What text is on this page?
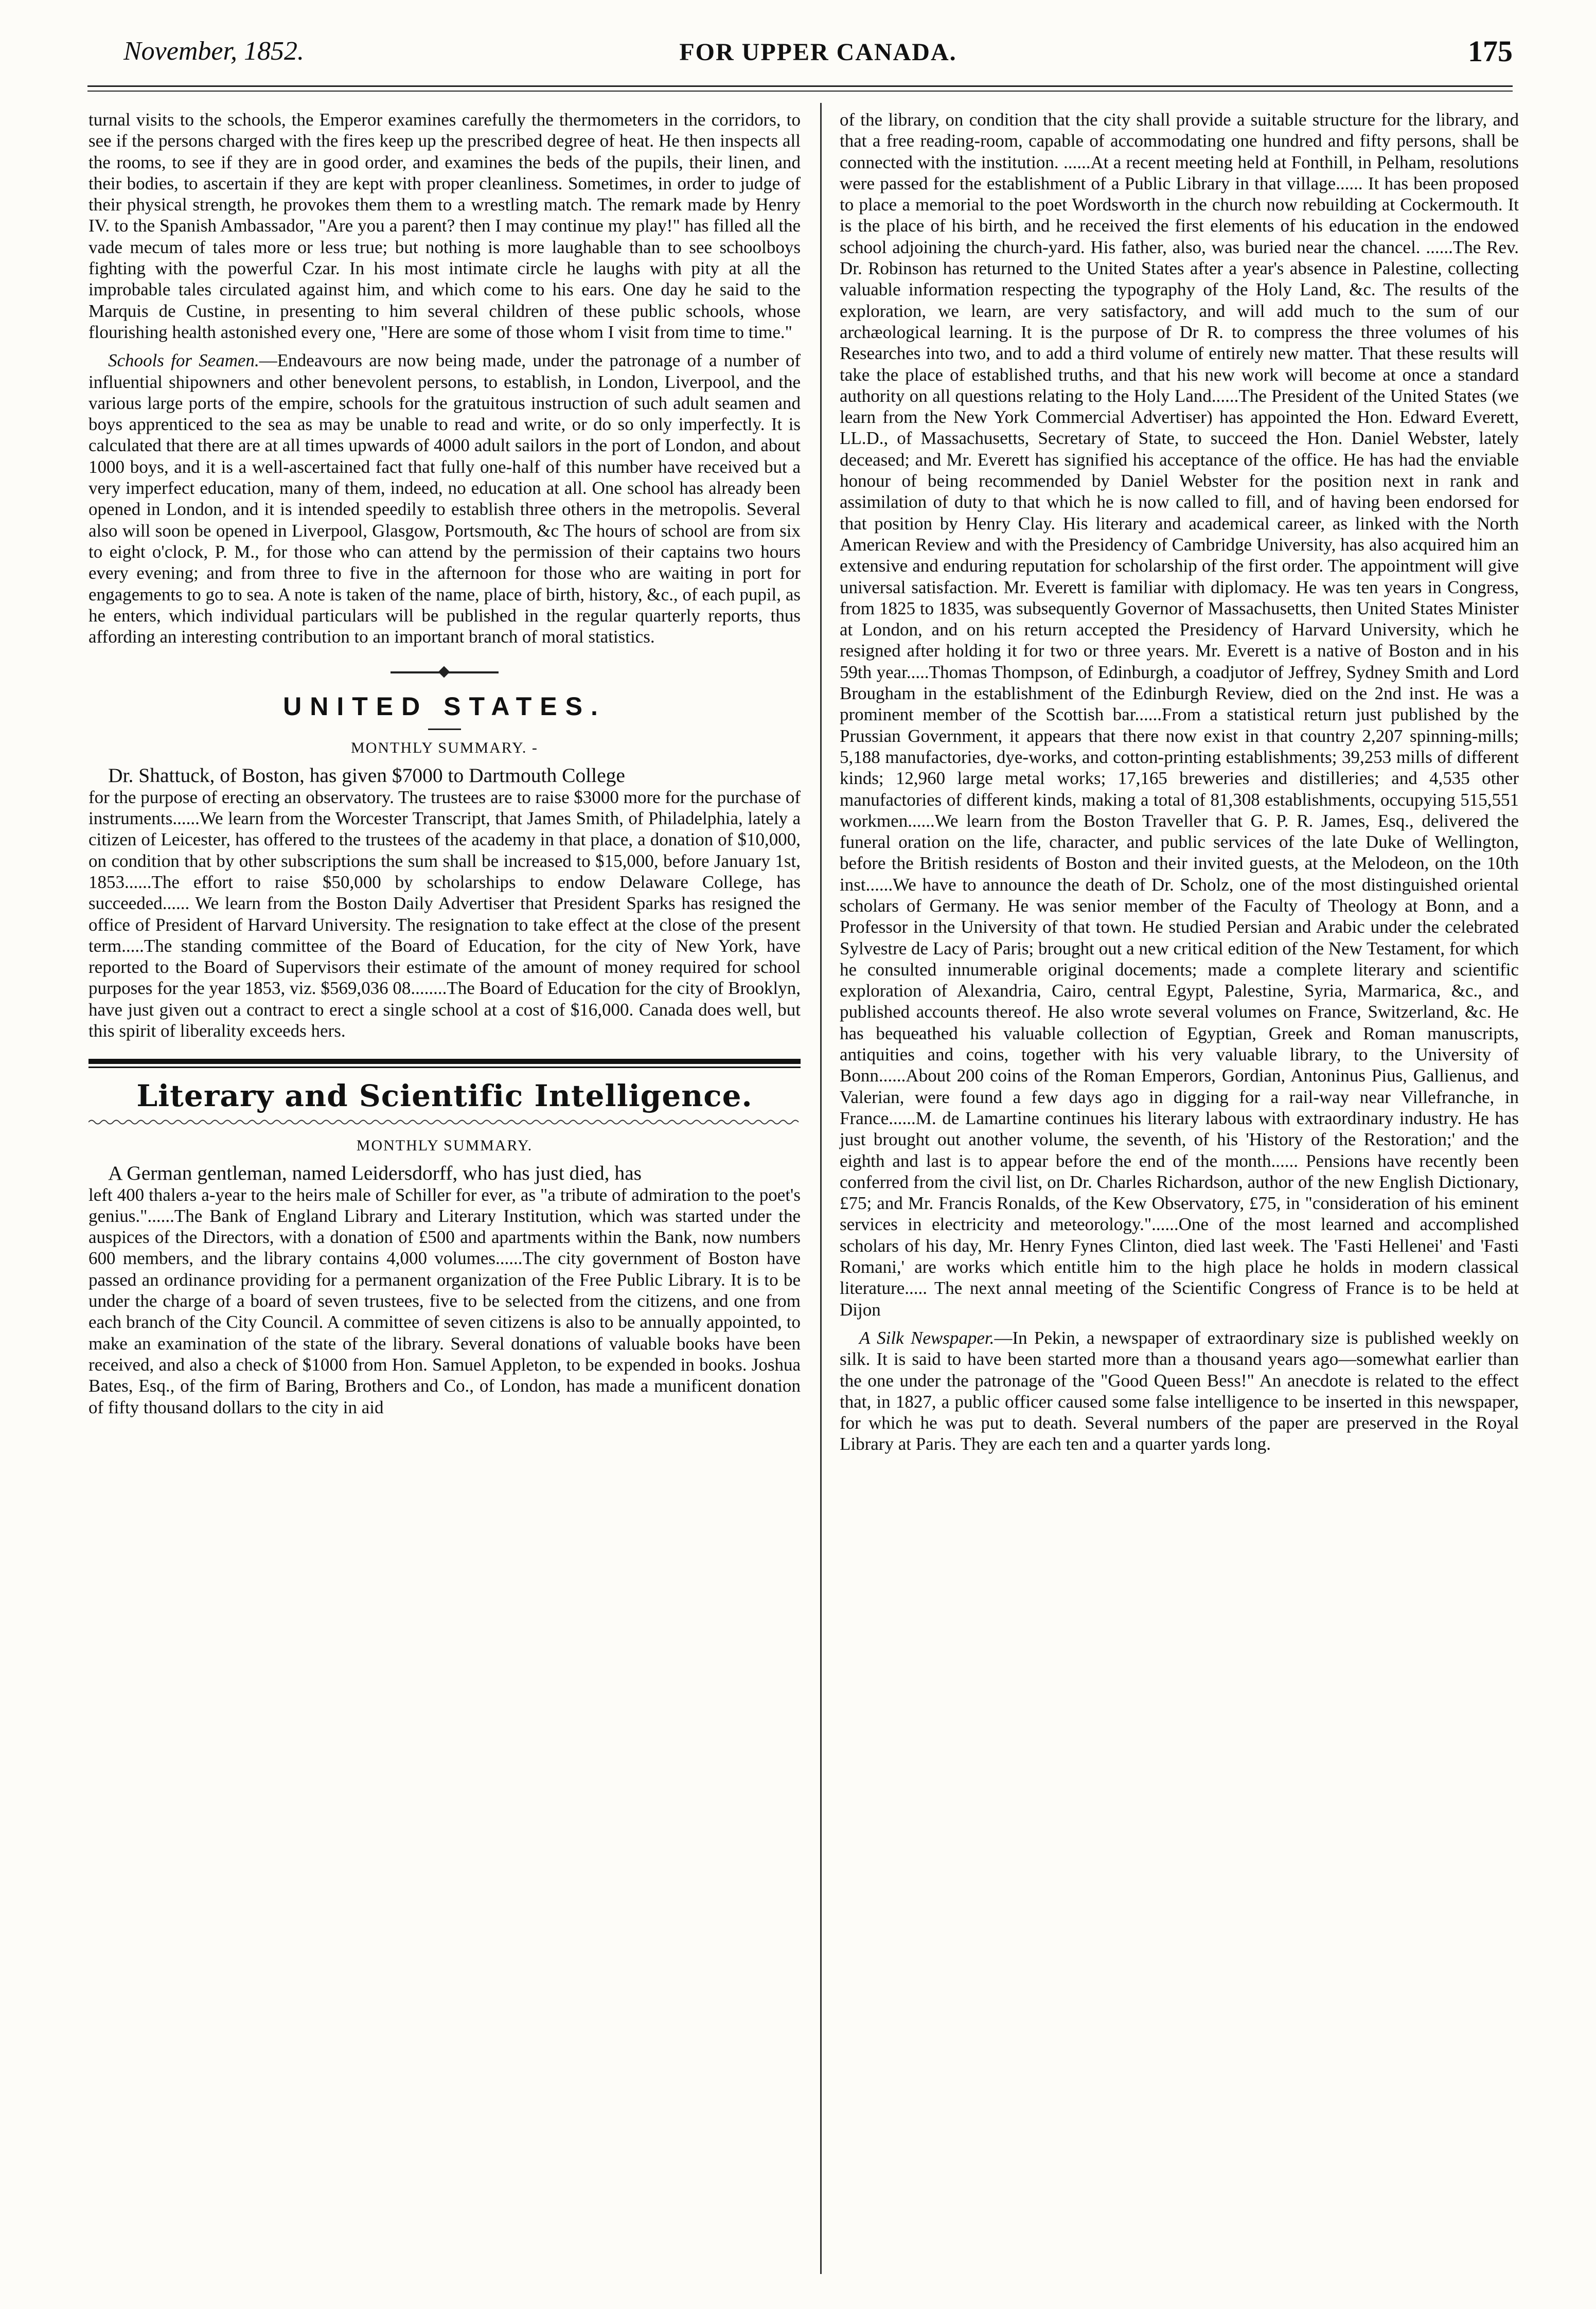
November, 1852.	FOR UPPER CANADA.	175

turnal visits to the schools, the Emperor examines carefully the thermometers in the corridors, to see if the persons charged with the fires keep up the prescribed degree of heat. He then inspects all the rooms, to see if they are in good order, and examines the beds of the pupils, their linen, and their bodies, to ascertain if they are kept with proper cleanliness. Sometimes, in order to judge of their physical strength, he provokes them them to a wrestling match. The remark made by Henry IV. to the Spanish Ambassador, "Are you a parent? then I may continue my play!" has filled all the vade mecum of tales more or less true; but nothing is more laughable than to see schoolboys fighting with the powerful Czar. In his most intimate circle he laughs with pity at all the improbable tales circulated against him, and which come to his ears. One day he said to the Marquis de Custine, in presenting to him several children of these public schools, whose flourishing health astonished every one, "Here are some of those whom I visit from time to time."

Schools for Seamen.—Endeavours are now being made, under the patronage of a number of influential shipowners and other benevolent persons, to establish, in London, Liverpool, and the various large ports of the empire, schools for the gratuitous instruction of such adult seamen and boys apprenticed to the sea as may be unable to read and write, or do so only imperfectly. It is calculated that there are at all times upwards of 4000 adult sailors in the port of London, and about 1000 boys, and it is a well-ascertained fact that fully one-half of this number have received but a very imperfect education, many of them, indeed, no education at all. One school has already been opened in London, and it is intended speedily to establish three others in the metropolis. Several also will soon be opened in Liverpool, Glasgow, Portsmouth, &c The hours of school are from six to eight o'clock, P. M., for those who can attend by the permission of their captains two hours every evening; and from three to five in the afternoon for those who are waiting in port for engagements to go to sea. A note is taken of the name, place of birth, history, &c., of each pupil, as he enters, which individual particulars will be published in the regular quarterly reports, thus affording an interesting contribution to an important branch of moral statistics.

UNITED STATES.
MONTHLY SUMMARY. -

Dr. Shattuck, of Boston, has given $7000 to Dartmouth College

for the purpose of erecting an observatory. The trustees are to raise $3000 more for the purchase of instruments......We learn from the Worcester Transcript, that James Smith, of Philadelphia, lately a citizen of Leicester, has offered to the trustees of the academy in that place, a donation of $10,000, on condition that by other subscriptions the sum shall be increased to $15,000, before January 1st, 1853......The effort to raise $50,000 by scholarships to endow Delaware College, has succeeded...... We learn from the Boston Daily Advertiser that President Sparks has resigned the office of President of Harvard University. The resignation to take effect at the close of the present term.....The standing committee of the Board of Education, for the city of New York, have reported to the Board of Supervisors their estimate of the amount of money required for school purposes for the year 1853, viz. $569,036 08........The Board of Education for the city of Brooklyn, have just given out a contract to erect a single school at a cost of $16,000. Canada does well, but this spirit of liberality exceeds hers.

Literary and Scientific Intelligence.
MONTHLY SUMMARY.

A German gentleman, named Leidersdorff, who has just died, has

left 400 thalers a-year to the heirs male of Schiller for ever, as "a tribute of admiration to the poet's genius."......The Bank of England Library and Literary Institution, which was started under the auspices of the Directors, with a donation of £500 and apartments within the Bank, now numbers 600 members, and the library contains 4,000 volumes......The city government of Boston have passed an ordinance providing for a permanent organization of the Free Public Library. It is to be under the charge of a board of seven trustees, five to be selected from the citizens, and one from each branch of the City Council. A committee of seven citizens is also to be annually appointed, to make an examination of the state of the library. Several donations of valuable books have been received, and also a check of $1000 from Hon. Samuel Appleton, to be expended in books. Joshua Bates, Esq., of the firm of Baring, Brothers and Co., of London, has made a munificent donation of fifty thousand dollars to the city in aid

of the library, on condition that the city shall provide a suitable structure for the library, and that a free reading-room, capable of accommodating one hundred and fifty persons, shall be connected with the institution. ......At a recent meeting held at Fonthill, in Pelham, resolutions were passed for the establishment of a Public Library in that village...... It has been proposed to place a memorial to the poet Wordsworth in the church now rebuilding at Cockermouth. It is the place of his birth, and he received the first elements of his education in the endowed school adjoining the church-yard. His father, also, was buried near the chancel. ......The Rev. Dr. Robinson has returned to the United States after a year's absence in Palestine, collecting valuable information respecting the typography of the Holy Land, &c. The results of the exploration, we learn, are very satisfactory, and will add much to the sum of our archæological learning. It is the purpose of Dr R. to compress the three volumes of his Researches into two, and to add a third volume of entirely new matter. That these results will take the place of established truths, and that his new work will become at once a standard authority on all questions relating to the Holy Land......The President of the United States (we learn from the New York Commercial Advertiser) has appointed the Hon. Edward Everett, LL.D., of Massachusetts, Secretary of State, to succeed the Hon. Daniel Webster, lately deceased; and Mr. Everett has signified his acceptance of the office. He has had the enviable honour of being recommended by Daniel Webster for the position next in rank and assimilation of duty to that which he is now called to fill, and of having been endorsed for that position by Henry Clay. His literary and academical career, as linked with the North American Review and with the Presidency of Cambridge University, has also acquired him an extensive and enduring reputation for scholarship of the first order. The appointment will give universal satisfaction. Mr. Everett is familiar with diplomacy. He was ten years in Congress, from 1825 to 1835, was subsequently Governor of Massachusetts, then United States Minister at London, and on his return accepted the Presidency of Harvard University, which he resigned after holding it for two or three years. Mr. Everett is a native of Boston and in his 59th year.....Thomas Thompson, of Edinburgh, a coadjutor of Jeffrey, Sydney Smith and Lord Brougham in the establishment of the Edinburgh Review, died on the 2nd inst. He was a prominent member of the Scottish bar......From a statistical return just published by the Prussian Government, it appears that there now exist in that country 2,207 spinning-mills; 5,188 manufactories, dye-works, and cotton-printing establishments; 39,253 mills of different kinds; 12,960 large metal works; 17,165 breweries and distilleries; and 4,535 other manufactories of different kinds, making a total of 81,308 establishments, occupying 515,551 workmen......We learn from the Boston Traveller that G. P. R. James, Esq., delivered the funeral oration on the life, character, and public services of the late Duke of Wellington, before the British residents of Boston and their invited guests, at the Melodeon, on the 10th inst......We have to announce the death of Dr. Scholz, one of the most distinguished oriental scholars of Germany. He was senior member of the Faculty of Theology at Bonn, and a Professor in the University of that town. He studied Persian and Arabic under the celebrated Sylvestre de Lacy of Paris; brought out a new critical edition of the New Testament, for which he consulted innumerable original docements; made a complete literary and scientific exploration of Alexandria, Cairo, central Egypt, Palestine, Syria, Marmarica, &c., and published accounts thereof. He also wrote several volumes on France, Switzerland, &c. He has bequeathed his valuable collection of Egyptian, Greek and Roman manuscripts, antiquities and coins, together with his very valuable library, to the University of Bonn......About 200 coins of the Roman Emperors, Gordian, Antoninus Pius, Gallienus, and Valerian, were found a few days ago in digging for a rail-way near Villefranche, in France......M. de Lamartine continues his literary labous with extraordinary industry. He has just brought out another volume, the seventh, of his 'History of the Restoration;' and the eighth and last is to appear before the end of the month...... Pensions have recently been conferred from the civil list, on Dr. Charles Richardson, author of the new English Dictionary, £75; and Mr. Francis Ronalds, of the Kew Observatory, £75, in "consideration of his eminent services in electricity and meteorology."......One of the most learned and accomplished scholars of his day, Mr. Henry Fynes Clinton, died last week. The 'Fasti Hellenei' and 'Fasti Romani,' are works which entitle him to the high place he holds in modern classical literature..... The next annal meeting of the Scientific Congress of France is to be held at Dijon

A Silk Newspaper.—In Pekin, a newspaper of extraordinary size is published weekly on silk. It is said to have been started more than a thousand years ago—somewhat earlier than the one under the patronage of the "Good Queen Bess!" An anecdote is related to the effect that, in 1827, a public officer caused some false intelligence to be inserted in this newspaper, for which he was put to death. Several numbers of the paper are preserved in the Royal Library at Paris. They are each ten and a quarter yards long.
